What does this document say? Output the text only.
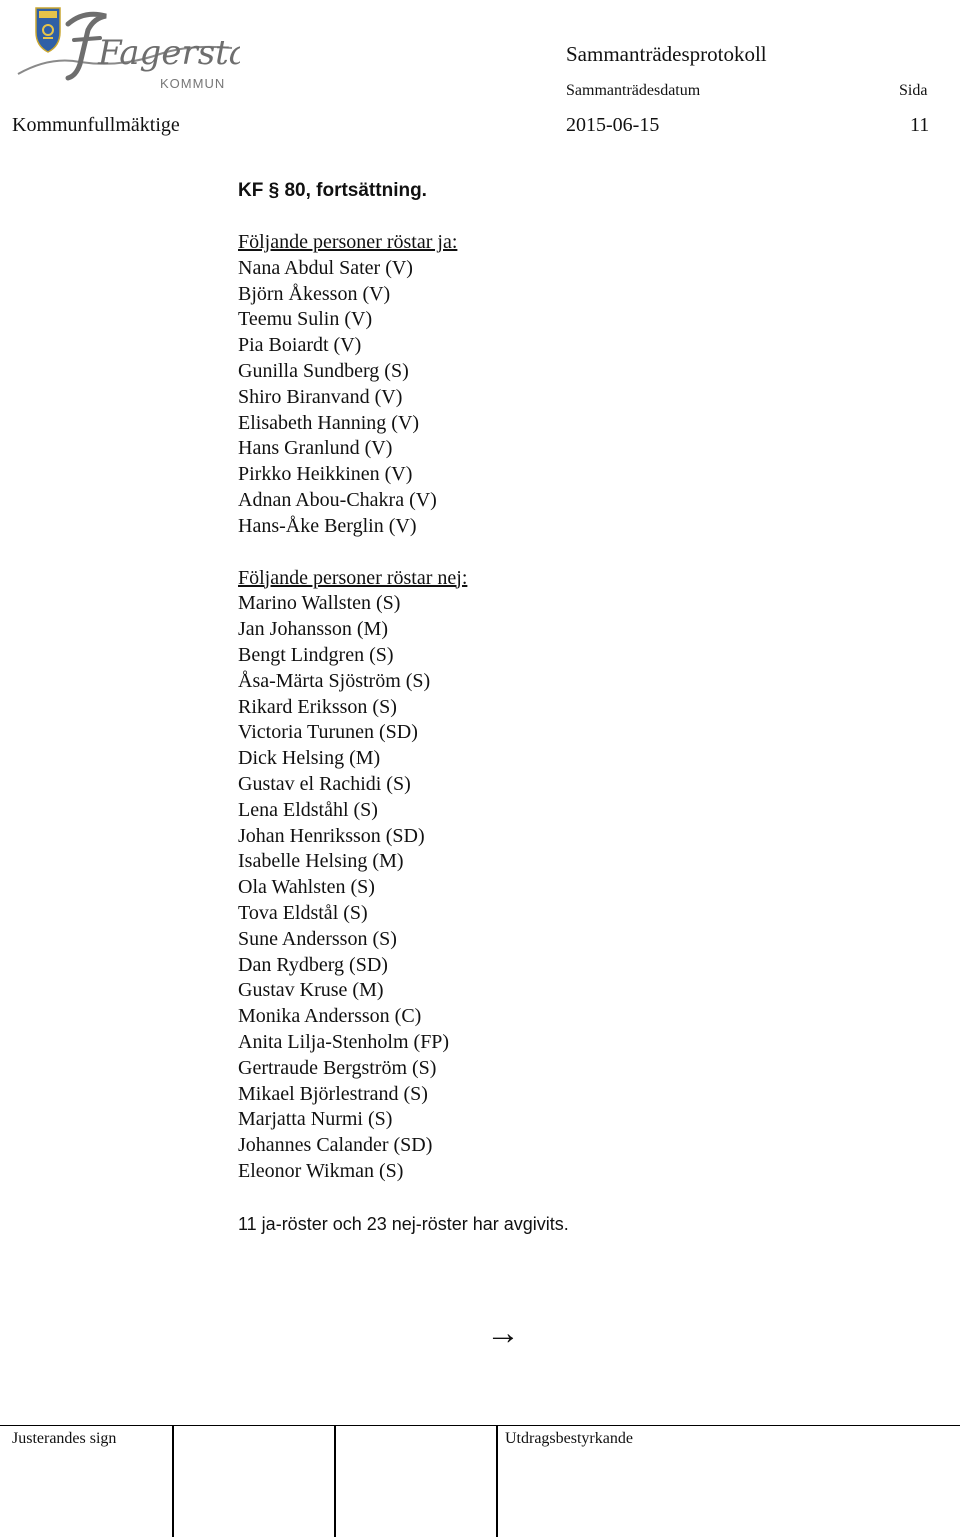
Fagersta
KOMMUN
Sammanträdesprotokoll
Sammanträdesdatum	Sida
Kommunfullmäktige	2015-06-15	11
KF § 80, fortsättning.
Följande personer röstar ja:
Nana Abdul Sater (V)
Björn Åkesson (V)
Teemu Sulin (V)
Pia Boiardt (V)
Gunilla Sundberg (S)
Shiro Biranvand (V)
Elisabeth Hanning (V)
Hans Granlund (V)
Pirkko Heikkinen (V)
Adnan Abou-Chakra (V)
Hans-Åke Berglin (V)
Följande personer röstar nej:
Marino Wallsten (S)
Jan Johansson (M)
Bengt Lindgren (S)
Åsa-Märta Sjöström (S)
Rikard Eriksson (S)
Victoria Turunen (SD)
Dick Helsing (M)
Gustav el Rachidi (S)
Lena Eldståhl (S)
Johan Henriksson (SD)
Isabelle Helsing (M)
Ola Wahlsten (S)
Tova Eldstål (S)
Sune Andersson (S)
Dan Rydberg (SD)
Gustav Kruse (M)
Monika Andersson (C)
Anita Lilja-Stenholm (FP)
Gertraude Bergström (S)
Mikael Björlestrand (S)
Marjatta Nurmi (S)
Johannes Calander (SD)
Eleonor Wikman (S)
11 ja-röster och 23 nej-röster har avgivits.
→
Justerandes sign	Utdragsbestyrkande
